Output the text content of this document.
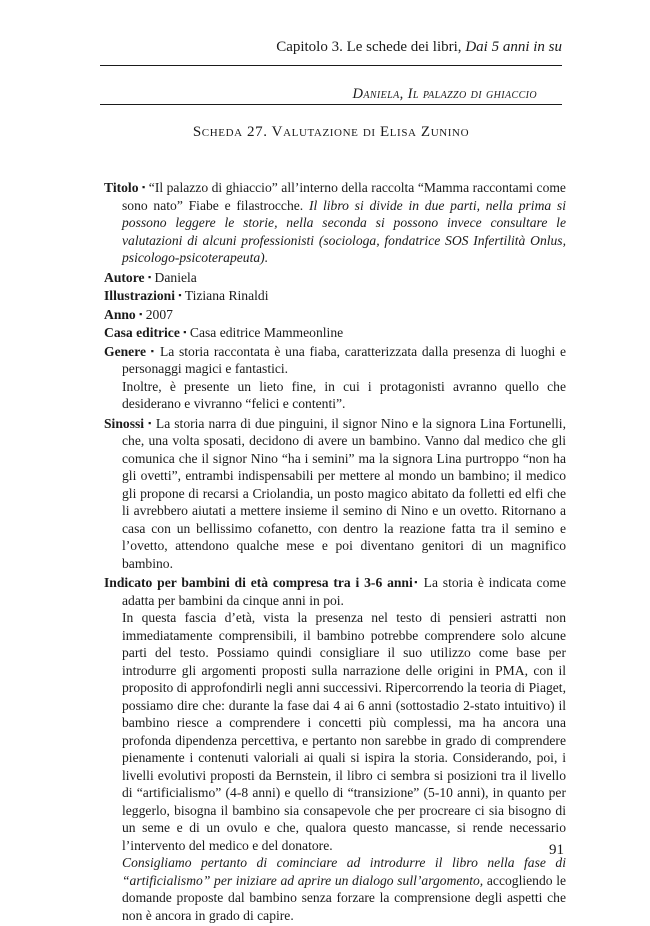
Capitolo 3. Le schede dei libri, Dai 5 anni in su
Daniela, Il palazzo di ghiaccio
Scheda 27. Valutazione di Elisa Zunino
Titolo ▪ “Il palazzo di ghiaccio” all’interno della raccolta “Mamma raccontami come sono nato” Fiabe e filastrocche. Il libro si divide in due parti, nella prima si possono leggere le storie, nella seconda si possono invece consultare le valutazioni di alcuni professionisti (sociologa, fondatrice SOS Infertilità Onlus, psicologo-psicoterapeuta).
Autore ▪ Daniela
Illustrazioni ▪ Tiziana Rinaldi
Anno ▪ 2007
Casa editrice ▪ Casa editrice Mammeonline
Genere ▪ La storia raccontata è una fiaba, caratterizzata dalla presenza di luoghi e personaggi magici e fantastici.

Inoltre, è presente un lieto fine, in cui i protagonisti avranno quello che desiderano e vivranno “felici e contenti”.

Sinossi ▪ La storia narra di due pinguini, il signor Nino e la signora Lina Fortunelli, che, una volta sposati, decidono di avere un bambino. Vanno dal medico che gli comunica che il signor Nino “ha i semini” ma la signora Lina purtroppo “non ha gli ovetti”, entrambi indispensabili per mettere al mondo un bambino; il medico gli propone di recarsi a Criolandia, un posto magico abitato da folletti ed elfi che li avrebbero aiutati a mettere insieme il semino di Nino e un ovetto. Ritornano a casa con un bellissimo cofanetto, con dentro la reazione fatta tra il semino e l’ovetto, attendono qualche mese e poi diventano genitori di un magnifico bambino.
Indicato per bambini di età compresa tra i 3-6 anni▪ La storia è indicata come adatta per bambini da cinque anni in poi.

In questa fascia d’età, vista la presenza nel testo di pensieri astratti non immediatamente comprensibili, il bambino potrebbe comprendere solo alcune parti del testo. Possiamo quindi consigliare il suo utilizzo come base per introdurre gli argomenti proposti sulla narrazione delle origini in PMA, con il proposito di approfondirli negli anni successivi. Ripercorrendo la teoria di Piaget, possiamo dire che: durante la fase dai 4 ai 6 anni (sottostadio 2-stato intuitivo) il bambino riesce a comprendere i concetti più complessi, ma ha ancora una profonda dipendenza percettiva, e pertanto non sarebbe in grado di comprendere pienamente i contenuti valoriali ai quali si ispira la storia. Considerando, poi, i livelli evolutivi proposti da Bernstein, il libro ci sembra si posizioni tra il livello di “artificialismo” (4-8 anni) e quello di “transizione” (5-10 anni), in quanto per leggerlo, bisogna il bambino sia consapevole che per procreare ci sia bisogno di un seme e di un ovulo e che, qualora questo mancasse, si rende necessario l’intervento del medico e del donatore.

Consigliamo pertanto di cominciare ad introdurre il libro nella fase di “artificialismo” per iniziare ad aprire un dialogo sull’argomento, accogliendo le domande proposte dal bambino senza forzare la comprensione degli aspetti che non è ancora in grado di capire.

91
